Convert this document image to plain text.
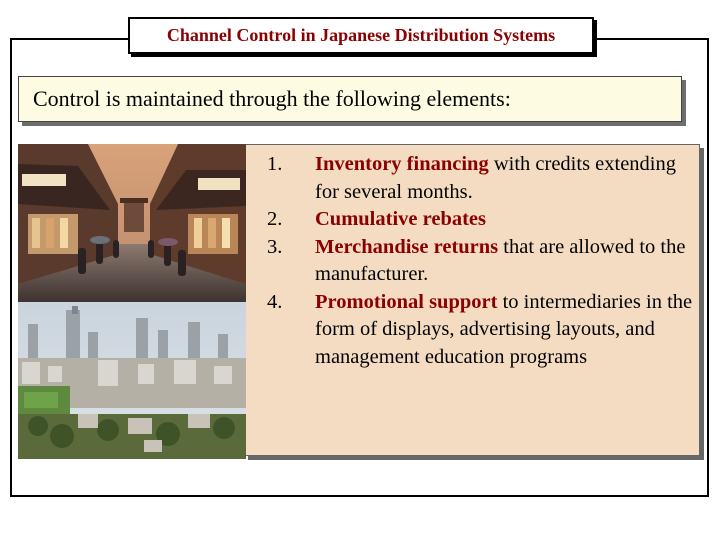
Channel Control in Japanese Distribution Systems
Control is maintained through the following elements:
1.	Inventory financing with credits extending for several months.
2.	Cumulative rebates
3.	Merchandise returns that are allowed to the manufacturer.
4.	Promotional support to intermediaries in the form of displays, advertising layouts, and management education programs
